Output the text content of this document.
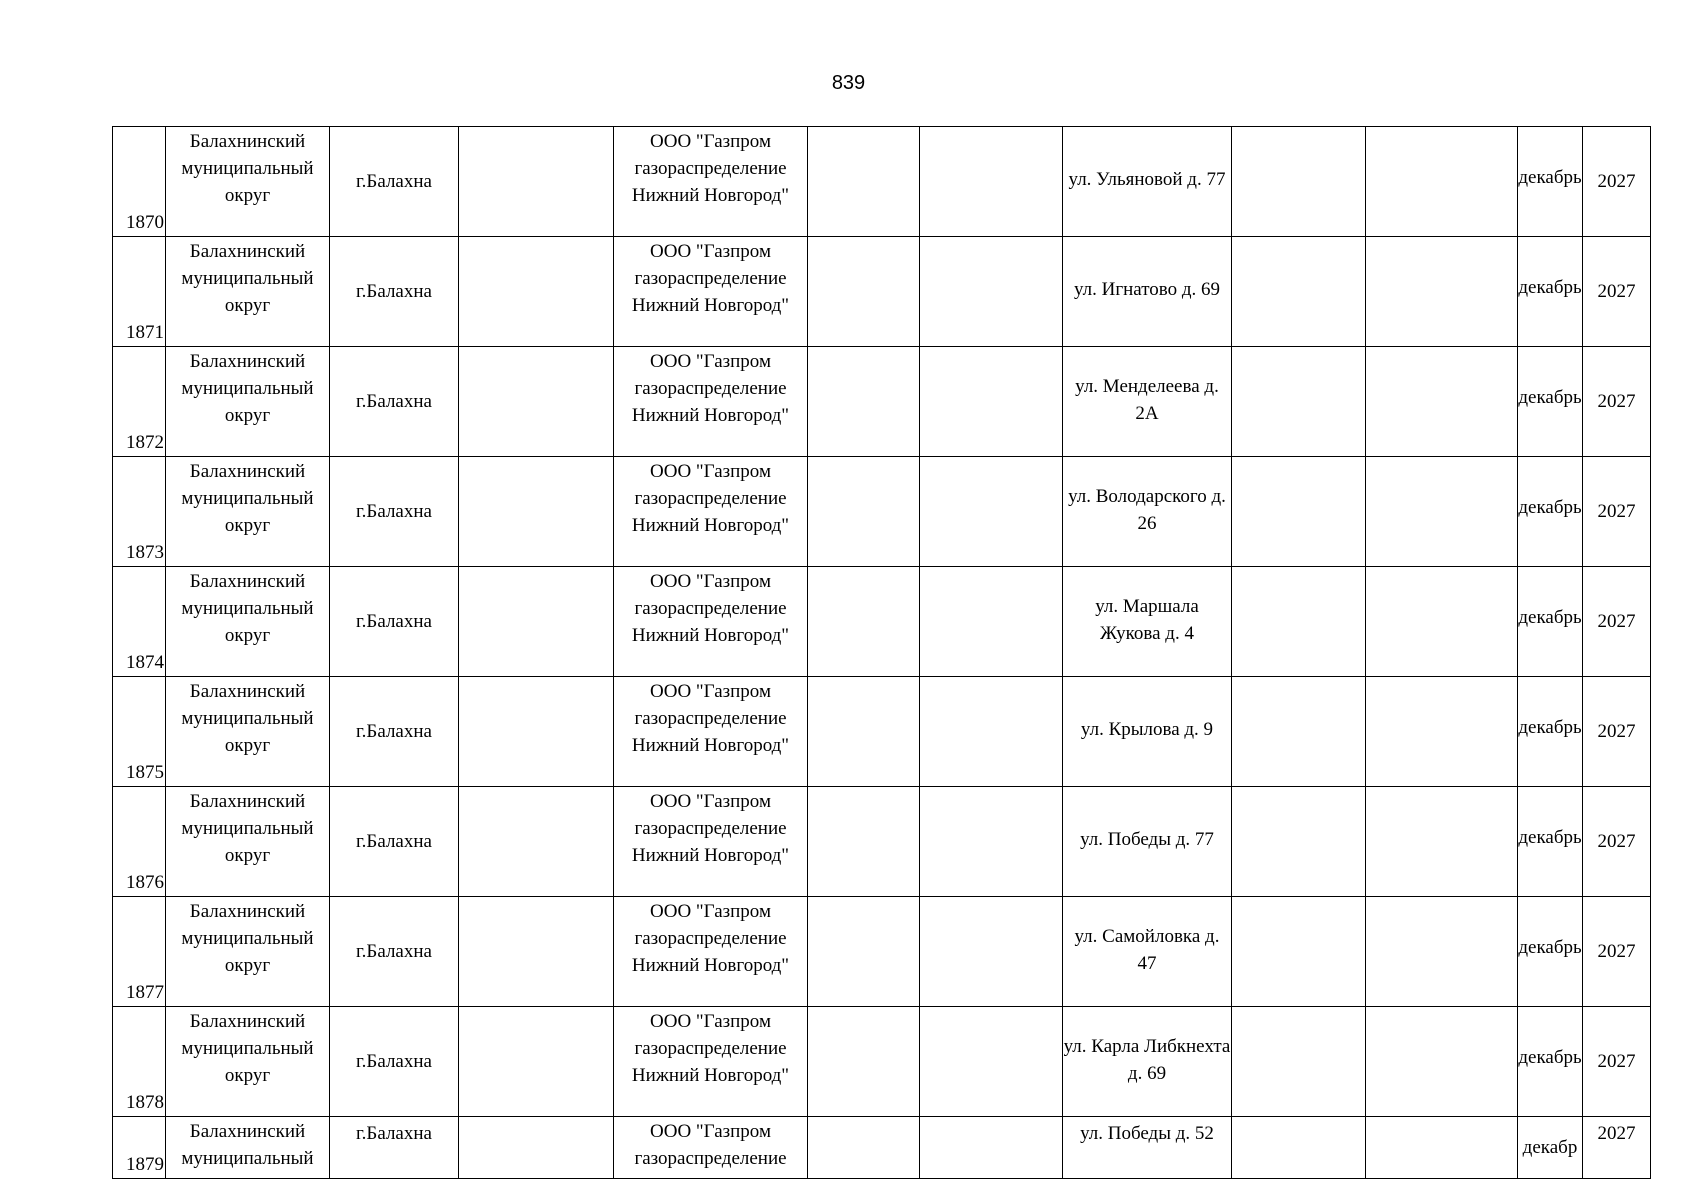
839
1870	Балахнинский муниципальный округ	г.Балахна		ООО "Газпром газораспределение Нижний Новгород"			ул. Ульяновой д. 77			декабрь	2027
1871	Балахнинский муниципальный округ	г.Балахна		ООО "Газпром газораспределение Нижний Новгород"			ул. Игнатово д. 69			декабрь	2027
1872	Балахнинский муниципальный округ	г.Балахна		ООО "Газпром газораспределение Нижний Новгород"			ул. Менделеева д. 2А			декабрь	2027
1873	Балахнинский муниципальный округ	г.Балахна		ООО "Газпром газораспределение Нижний Новгород"			ул. Володарского д. 26			декабрь	2027
1874	Балахнинский муниципальный округ	г.Балахна		ООО "Газпром газораспределение Нижний Новгород"			ул. Маршала Жукова д. 4			декабрь	2027
1875	Балахнинский муниципальный округ	г.Балахна		ООО "Газпром газораспределение Нижний Новгород"			ул. Крылова д. 9			декабрь	2027
1876	Балахнинский муниципальный округ	г.Балахна		ООО "Газпром газораспределение Нижний Новгород"			ул. Победы д. 77			декабрь	2027
1877	Балахнинский муниципальный округ	г.Балахна		ООО "Газпром газораспределение Нижний Новгород"			ул. Самойловка д. 47			декабрь	2027
1878	Балахнинский муниципальный округ	г.Балахна		ООО "Газпром газораспределение Нижний Новгород"			ул. Карла Либкнехта д. 69			декабрь	2027
1879	Балахнинский муниципальный	г.Балахна		ООО "Газпром газораспределение			ул. Победы д. 52			декабр	2027
